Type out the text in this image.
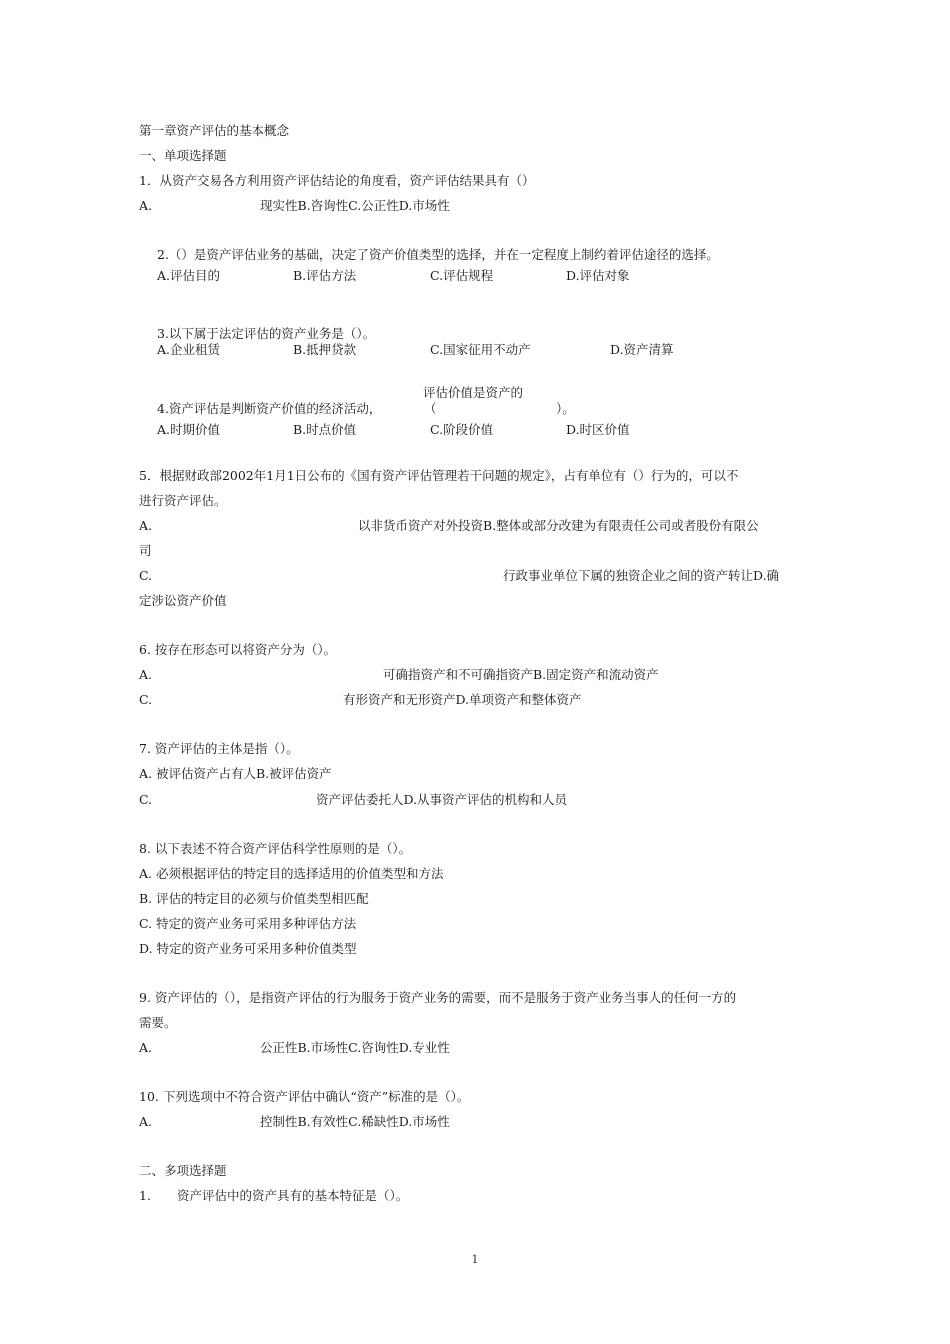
第一章资产评估的基本概念
一、单项选择题
1．从资产交易各方利用资产评估结论的角度看，资产评估结果具有（）
A.	现实性B.咨询性C.公正性D.市场性
2.（）是资产评估业务的基础，决定了资产价值类型的选择，并在一定程度上制约着评估途径的选择。
A.评估目的	B.评估方法	C.评估规程	D.评估对象
3.以下属于法定评估的资产业务是（）。
A.企业租赁	B.抵押贷款	C.国家征用不动产	D.资产清算
评估价值是资产的
4.资产评估是判断资产价值的经济活动，	（	）。
A.时期价值	B.时点价值	C.阶段价值	D.时区价值
5．根据财政部2002年1月1日公布的《国有资产评估管理若干问题的规定》，占有单位有（）行为的，可以不
进行资产评估。
A.	以非货币资产对外投资B.整体或部分改建为有限责任公司或者股份有限公
司
C.	行政事业单位下属的独资企业之间的资产转让D.确
定涉讼资产价值
6. 按存在形态可以将资产分为（）。
A.	可确指资产和不可确指资产B.固定资产和流动资产
C.	有形资产和无形资产D.单项资产和整体资产
7. 资产评估的主体是指（）。
A. 被评估资产占有人B.被评估资产
C.	资产评估委托人D.从事资产评估的机构和人员
8. 以下表述不符合资产评估科学性原则的是（）。
A. 必须根据评估的特定目的选择适用的价值类型和方法
B. 评估的特定目的必须与价值类型相匹配
C. 特定的资产业务可采用多种评估方法
D. 特定的资产业务可采用多种价值类型
9. 资产评估的（），是指资产评估的行为服务于资产业务的需要，而不是服务于资产业务当事人的任何一方的
需要。
A.	公正性B.市场性C.咨询性D.专业性
10. 下列选项中不符合资产评估中确认“资产”标准的是（）。
A.	控制性B.有效性C.稀缺性D.市场性
二、多项选择题
1. 资产评估中的资产具有的基本特征是（）。
1
